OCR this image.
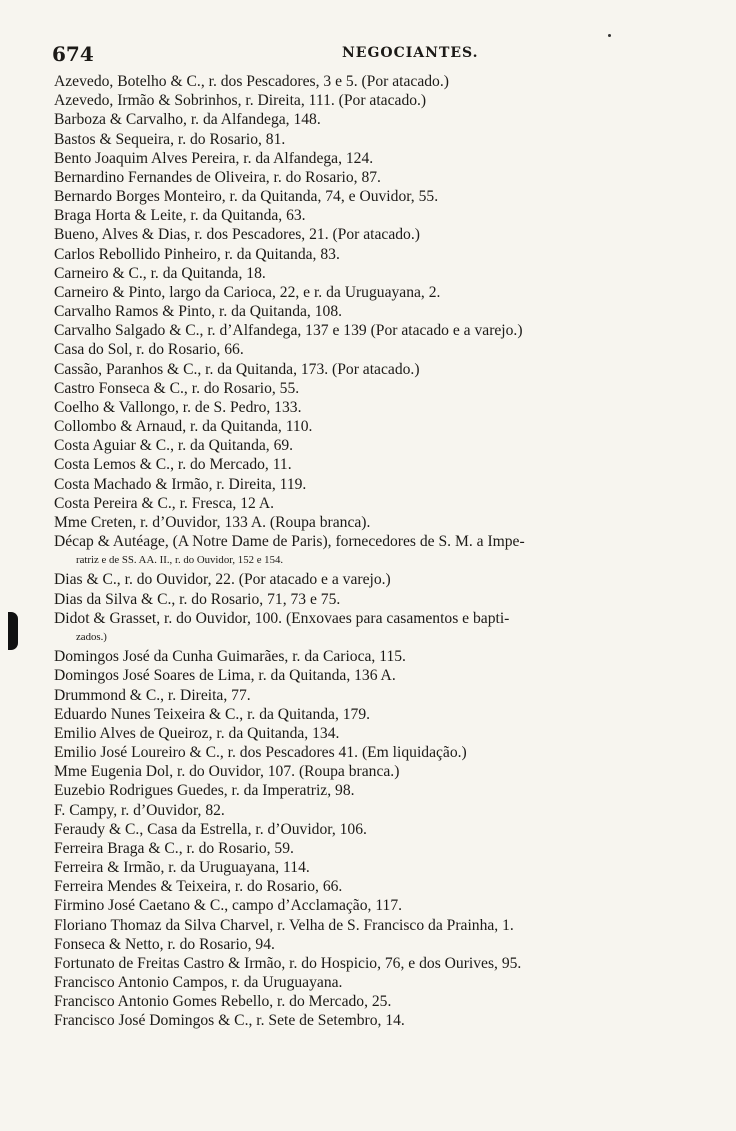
674	NEGOCIANTES.
Azevedo, Botelho & C., r. dos Pescadores, 3 e 5. (Por atacado.)
Azevedo, Irmão & Sobrinhos, r. Direita, 111. (Por atacado.)
Barboza & Carvalho, r. da Alfandega, 148.
Bastos & Sequeira, r. do Rosario, 81.
Bento Joaquim Alves Pereira, r. da Alfandega, 124.
Bernardino Fernandes de Oliveira, r. do Rosario, 87.
Bernardo Borges Monteiro, r. da Quitanda, 74, e Ouvidor, 55.
Braga Horta & Leite, r. da Quitanda, 63.
Bueno, Alves & Dias, r. dos Pescadores, 21. (Por atacado.)
Carlos Rebollido Pinheiro, r. da Quitanda, 83.
Carneiro & C., r. da Quitanda, 18.
Carneiro & Pinto, largo da Carioca, 22, e r. da Uruguayana, 2.
Carvalho Ramos & Pinto, r. da Quitanda, 108.
Carvalho Salgado & C., r. d’Alfandega, 137 e 139 (Por atacado e a varejo.)
Casa do Sol, r. do Rosario, 66.
Cassão, Paranhos & C., r. da Quitanda, 173. (Por atacado.)
Castro Fonseca & C., r. do Rosario, 55.
Coelho & Vallongo, r. de S. Pedro, 133.
Collombo & Arnaud, r. da Quitanda, 110.
Costa Aguiar & C., r. da Quitanda, 69.
Costa Lemos & C., r. do Mercado, 11.
Costa Machado & Irmão, r. Direita, 119.
Costa Pereira & C., r. Fresca, 12 A.
Mme Creten, r. d’Ouvidor, 133 A. (Roupa branca).
Décap & Autéage, (A Notre Dame de Paris), fornecedores de S. M. a Impe-
ratriz e de SS. AA. II., r. do Ouvidor, 152 e 154.
Dias & C., r. do Ouvidor, 22. (Por atacado e a varejo.)
Dias da Silva & C., r. do Rosario, 71, 73 e 75.
Didot & Grasset, r. do Ouvidor, 100. (Enxovaes para casamentos e bapti-
zados.)
Domingos José da Cunha Guimarães, r. da Carioca, 115.
Domingos José Soares de Lima, r. da Quitanda, 136 A.
Drummond & C., r. Direita, 77.
Eduardo Nunes Teixeira & C., r. da Quitanda, 179.
Emilio Alves de Queiroz, r. da Quitanda, 134.
Emilio José Loureiro & C., r. dos Pescadores 41. (Em liquidação.)
Mme Eugenia Dol, r. do Ouvidor, 107. (Roupa branca.)
Euzebio Rodrigues Guedes, r. da Imperatriz, 98.
F. Campy, r. d’Ouvidor, 82.
Feraudy & C., Casa da Estrella, r. d’Ouvidor, 106.
Ferreira Braga & C., r. do Rosario, 59.
Ferreira & Irmão, r. da Uruguayana, 114.
Ferreira Mendes & Teixeira, r. do Rosario, 66.
Firmino José Caetano & C., campo d’Acclamação, 117.
Floriano Thomaz da Silva Charvel, r. Velha de S. Francisco da Prainha, 1.
Fonseca & Netto, r. do Rosario, 94.
Fortunato de Freitas Castro & Irmão, r. do Hospicio, 76, e dos Ourives, 95.
Francisco Antonio Campos, r. da Uruguayana.
Francisco Antonio Gomes Rebello, r. do Mercado, 25.
Francisco José Domingos & C., r. Sete de Setembro, 14.
